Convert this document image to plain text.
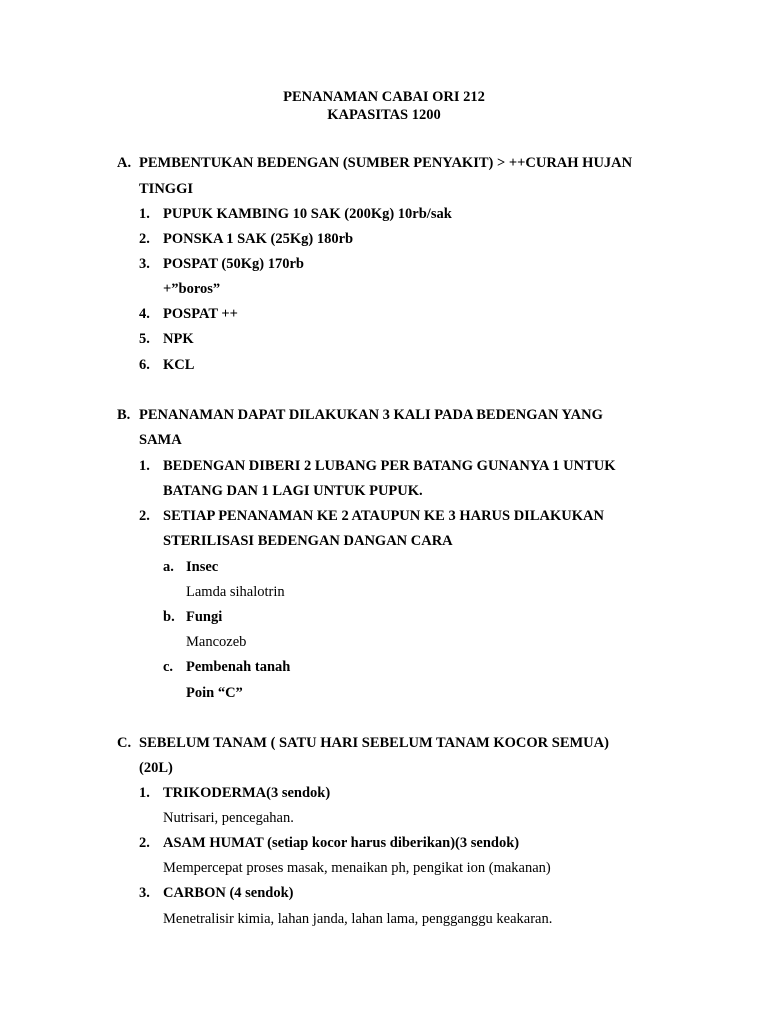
PENANAMAN CABAI ORI 212
KAPASITAS 1200
A. PEMBENTUKAN BEDENGAN (SUMBER PENYAKIT) > ++CURAH HUJAN
TINGGI
1. PUPUK KAMBING 10 SAK (200Kg) 10rb/sak
2. PONSKA 1 SAK (25Kg) 180rb
3. POSPAT (50Kg) 170rb
+”boros”
4. POSPAT ++
5. NPK
6. KCL
B. PENANAMAN DAPAT DILAKUKAN 3 KALI PADA BEDENGAN YANG
SAMA
1. BEDENGAN DIBERI 2 LUBANG PER BATANG GUNANYA 1 UNTUK
BATANG DAN 1 LAGI UNTUK PUPUK.
2. SETIAP PENANAMAN KE 2 ATAUPUN KE 3 HARUS DILAKUKAN
STERILISASI BEDENGAN DANGAN CARA
a. Insec
Lamda sihalotrin
b. Fungi
Mancozeb
c. Pembenah tanah
Poin “C”
C. SEBELUM TANAM ( SATU HARI SEBELUM TANAM KOCOR SEMUA)
(20L)
1. TRIKODERMA(3 sendok)
Nutrisari, pencegahan.
2. ASAM HUMAT (setiap kocor harus diberikan)(3 sendok)
Mempercepat proses masak, menaikan ph, pengikat ion (makanan)
3. CARBON (4 sendok)
Menetralisir kimia, lahan janda, lahan lama, pengganggu keakaran.
